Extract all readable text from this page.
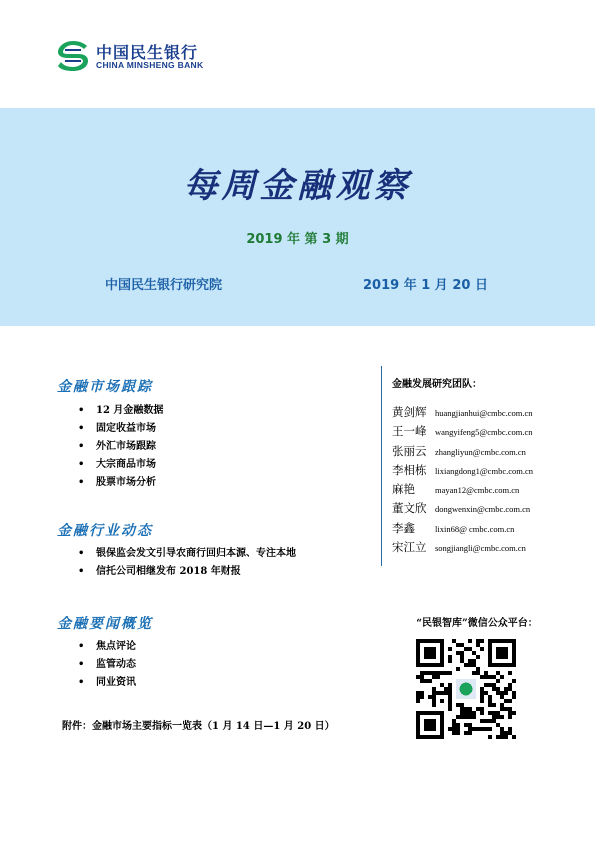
中国民生银行
CHINA MINSHENG BANK
每周金融观察
2019 年 第 3 期
中国民生银行研究院	2019 年 1 月 20 日
金融市场跟踪
• 12 月金融数据
• 固定收益市场
• 外汇市场跟踪
• 大宗商品市场
• 股票市场分析
金融行业动态
• 银保监会发文引导农商行回归本源、专注本地
• 信托公司相继发布 2018 年财报
金融要闻概览
• 焦点评论
• 监管动态
• 同业资讯
附件：金融市场主要指标一览表（1 月 14 日—1 月 20 日）
金融发展研究团队：
黄剑辉 huangjianhui@cmbc.com.cn
王一峰 wangyifeng5@cmbc.com.cn
张丽云 zhangliyun@cmbc.com.cn
李相栋 lixiangdong1@cmbc.com.cn
麻艳 mayan12@cmbc.com.cn
董文欣 dongwenxin@cmbc.com.cn
李鑫 lixin68@ cmbc.com.cn
宋江立 songjiangli@cmbc.com.cn
“民银智库”微信公众平台：
